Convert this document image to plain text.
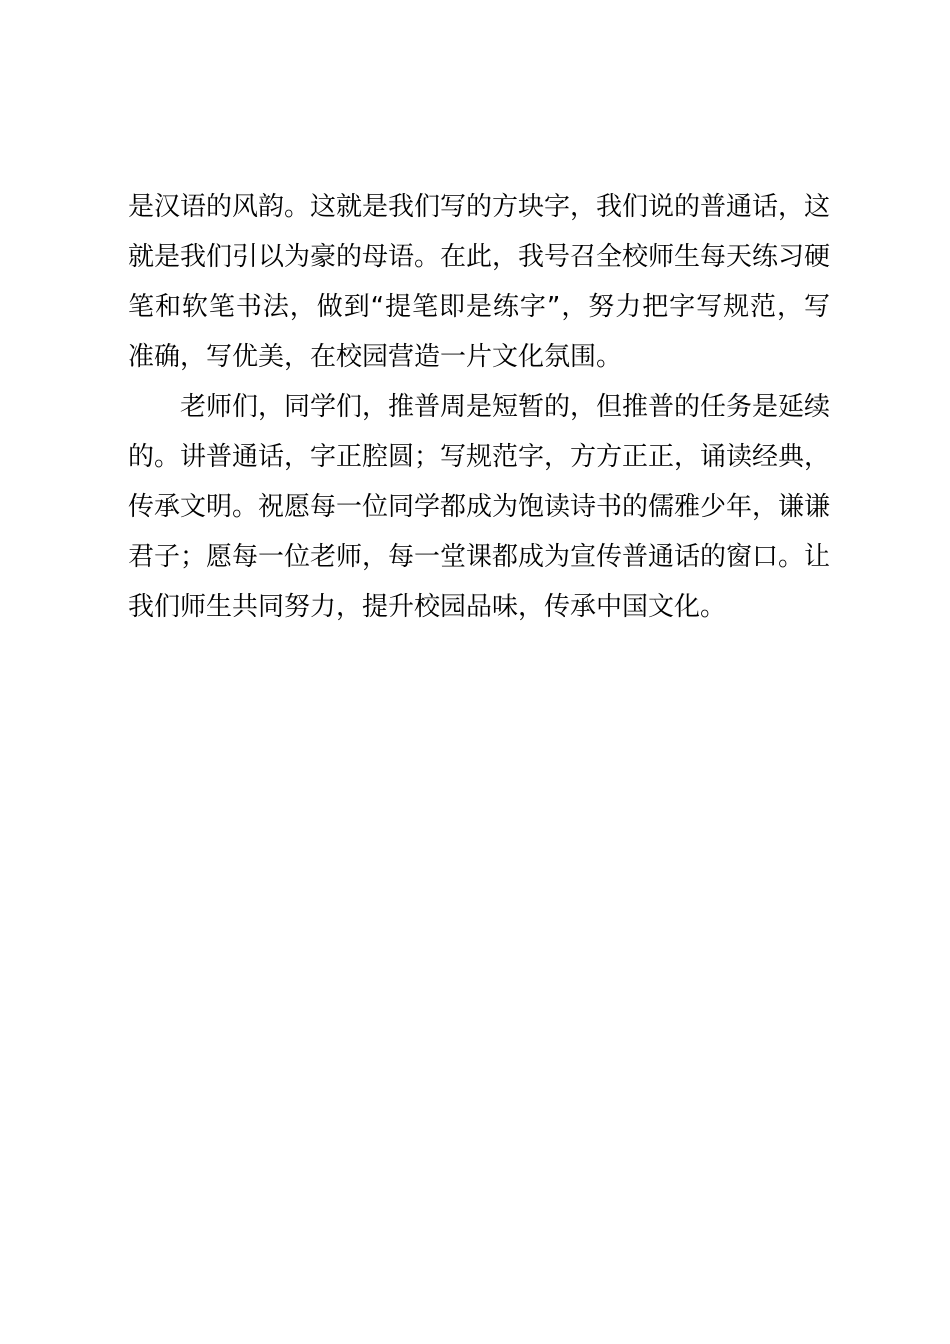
是汉语的风韵。这就是我们写的方块字，我们说的普通话，这就是我们引以为豪的母语。在此，我号召全校师生每天练习硬笔和软笔书法，做到“提笔即是练字”，努力把字写规范，写准确，写优美，在校园营造一片文化氛围。

老师们，同学们，推普周是短暂的，但推普的任务是延续的。讲普通话，字正腔圆；写规范字，方方正正，诵读经典，传承文明。祝愿每一位同学都成为饱读诗书的儒雅少年，谦谦君子；愿每一位老师，每一堂课都成为宣传普通话的窗口。让我们师生共同努力，提升校园品味，传承中国文化。
